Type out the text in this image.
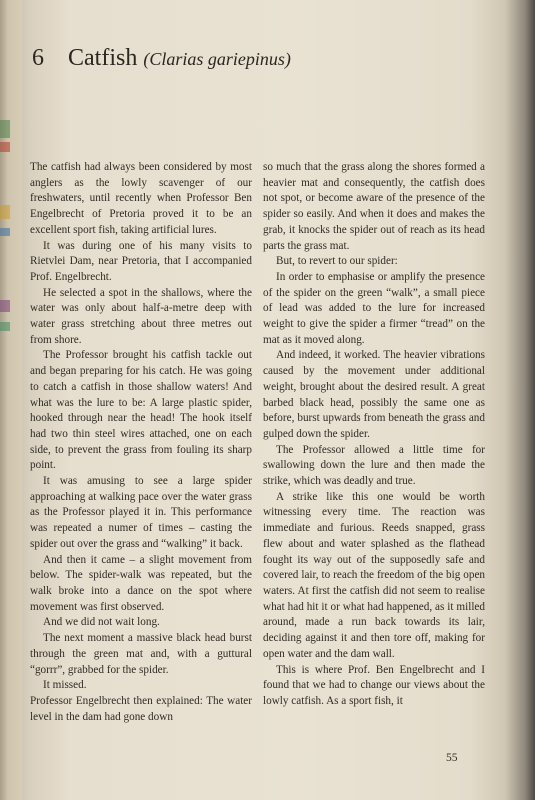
6 Catfish (Clarias gariepinus)

The catfish had always been considered by most anglers as the lowly scavenger of our freshwaters, until recently when Professor Ben Engelbrecht of Pretoria proved it to be an excellent sport fish, taking artificial lures.

It was during one of his many visits to Rietvlei Dam, near Pretoria, that I accompanied Prof. Engelbrecht.

He selected a spot in the shallows, where the water was only about half-a-metre deep with water grass stretching about three metres out from shore.

The Professor brought his catfish tackle out and began preparing for his catch. He was going to catch a catfish in those shallow waters! And what was the lure to be: A large plastic spider, hooked through near the head! The hook itself had two thin steel wires attached, one on each side, to prevent the grass from fouling its sharp point.

It was amusing to see a large spider approaching at walking pace over the water grass as the Professor played it in. This performance was repeated a numer of times – casting the spider out over the grass and “walking” it back.

And then it came – a slight movement from below. The spider-walk was repeated, but the walk broke into a dance on the spot where movement was first observed.

And we did not wait long.

The next moment a massive black head burst through the green mat and, with a guttural “gorrr”, grabbed for the spider.

It missed.

Professor Engelbrecht then explained: The water level in the dam had gone down

so much that the grass along the shores formed a heavier mat and consequently, the catfish does not spot, or become aware of the presence of the spider so easily. And when it does and makes the grab, it knocks the spider out of reach as its head parts the grass mat.

But, to revert to our spider:

In order to emphasise or amplify the presence of the spider on the green “walk”, a small piece of lead was added to the lure for increased weight to give the spider a firmer “tread” on the mat as it moved along.

And indeed, it worked. The heavier vibrations caused by the movement under additional weight, brought about the desired result. A great barbed black head, possibly the same one as before, burst upwards from beneath the grass and gulped down the spider.

The Professor allowed a little time for swallowing down the lure and then made the strike, which was deadly and true.

A strike like this one would be worth witnessing every time. The reaction was immediate and furious. Reeds snapped, grass flew about and water splashed as the flathead fought its way out of the supposedly safe and covered lair, to reach the freedom of the big open waters. At first the catfish did not seem to realise what had hit it or what had happened, as it milled around, made a run back towards its lair, deciding against it and then tore off, making for open water and the dam wall.

This is where Prof. Ben Engelbrecht and I found that we had to change our views about the lowly catfish. As a sport fish, it

55
